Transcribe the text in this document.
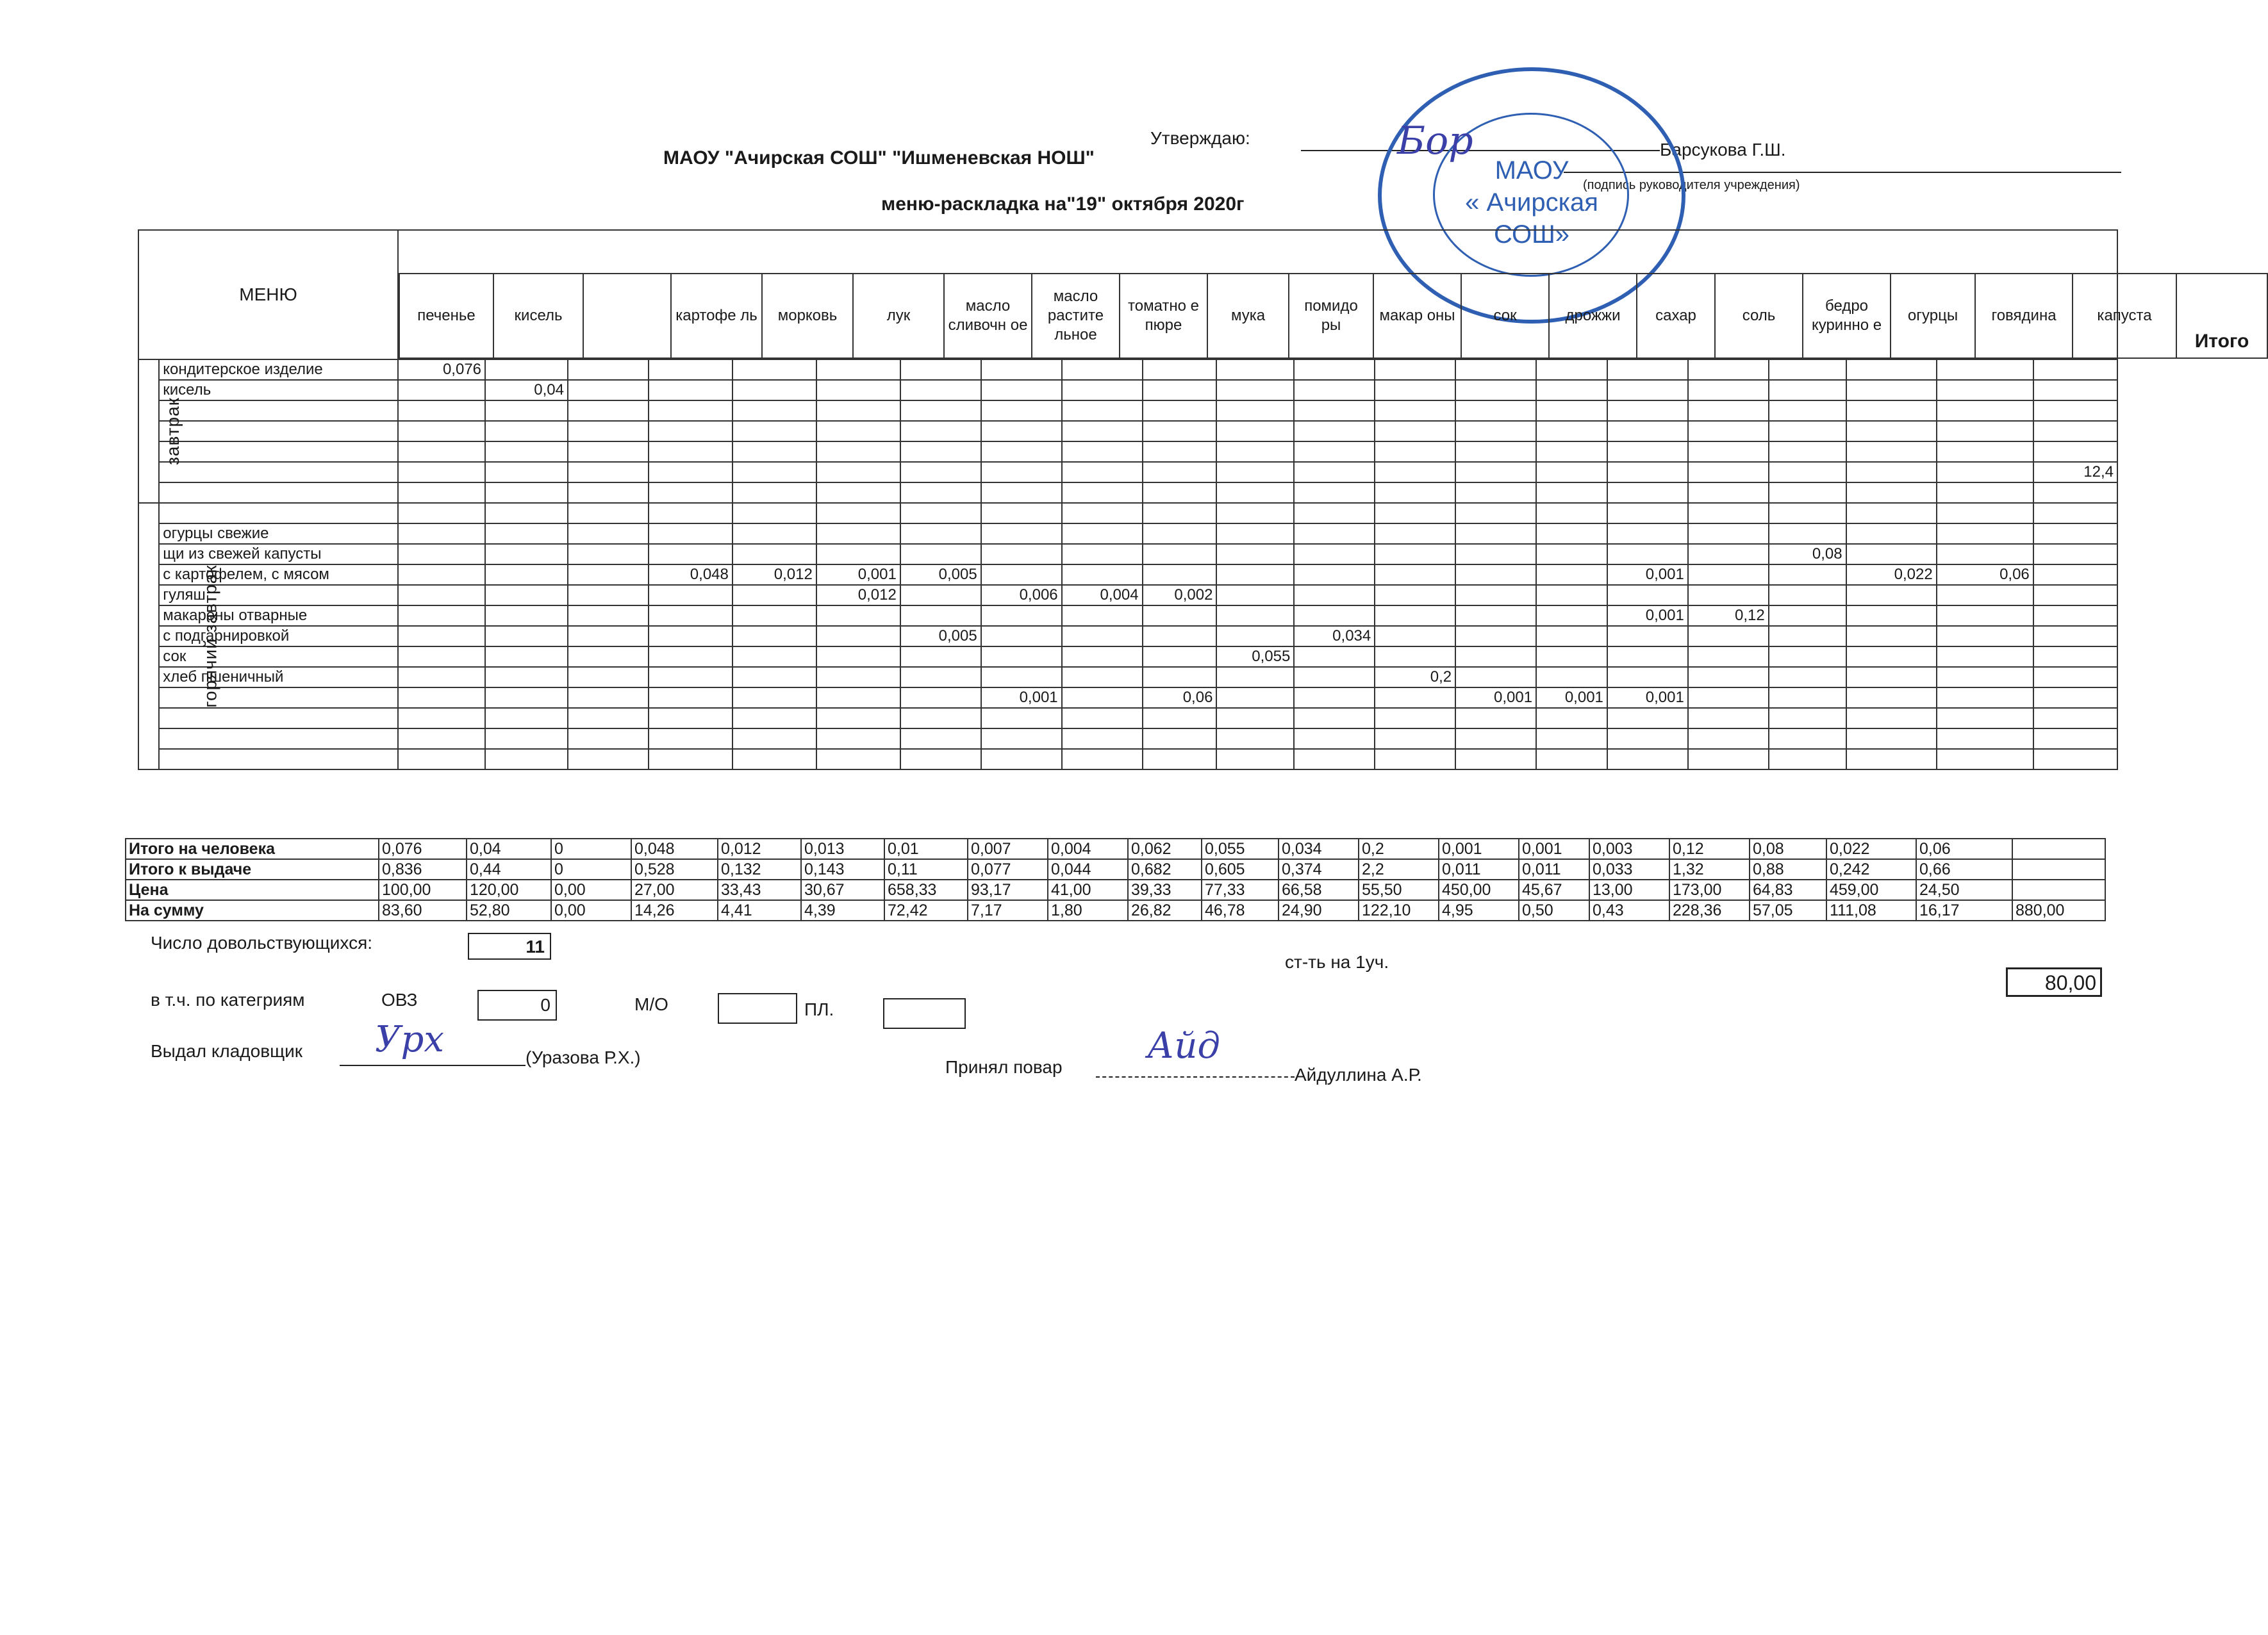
Утверждаю:
Барсукова Г.Ш.
(подпись руководителя учреждения)
МАОУ "Ачирская СОШ" "Ишменевская НОШ"
меню-раскладка на"19" октября 2020г
МАОУ
« Ачирская
СОШ»
Бор
МЕНЮ	
печенье	кисель		картофе ль	морковь	лук	масло сливочн ое	масло растите льное	томатно е пюре	мука	помидо ры	макар оны	сок	дрожжи	сахар	соль	бедро куринно е	огурцы	говядина	капуста	Итого

завтрак	кондитерское изделие	0,076																				
кисель		0,04																			

																					12,4

горячий завтрак																						
огурцы свежие																					
щи из свежей капусты																		0,08			
с картофелем, с мясом				0,048	0,012	0,001	0,005									0,001			0,022	0,06	
гуляш						0,012		0,006	0,004	0,002											
макароны отварные																0,001	0,12				
с подгарнировкой							0,005					0,034									
сок											0,055										
хлеб пшеничный													0,2								
								0,001		0,06				0,001	0,001	0,001					

Итого на человека	0,076	0,04	0	0,048	0,012	0,013	0,01	0,007	0,004	0,062	0,055	0,034	0,2	0,001	0,001	0,003	0,12	0,08	0,022	0,06	
Итого к выдаче	0,836	0,44	0	0,528	0,132	0,143	0,11	0,077	0,044	0,682	0,605	0,374	2,2	0,011	0,011	0,033	1,32	0,88	0,242	0,66	
Цена	100,00	120,00	0,00	27,00	33,43	30,67	658,33	93,17	41,00	39,33	77,33	66,58	55,50	450,00	45,67	13,00	173,00	64,83	459,00	24,50	
На сумму	83,60	52,80	0,00	14,26	4,41	4,39	72,42	7,17	1,80	26,82	46,78	24,90	122,10	4,95	0,50	0,43	228,36	57,05	111,08	16,17	880,00
Число довольствующихся:	11
ст-ть на 1уч.
80,00
в т.ч. по категриям	ОВЗ	0	М/О	ПЛ.
Выдал кладовщик Урх	(Уразова Р.Х.)	Принял повар
Айд
Айдуллина А.Р.
